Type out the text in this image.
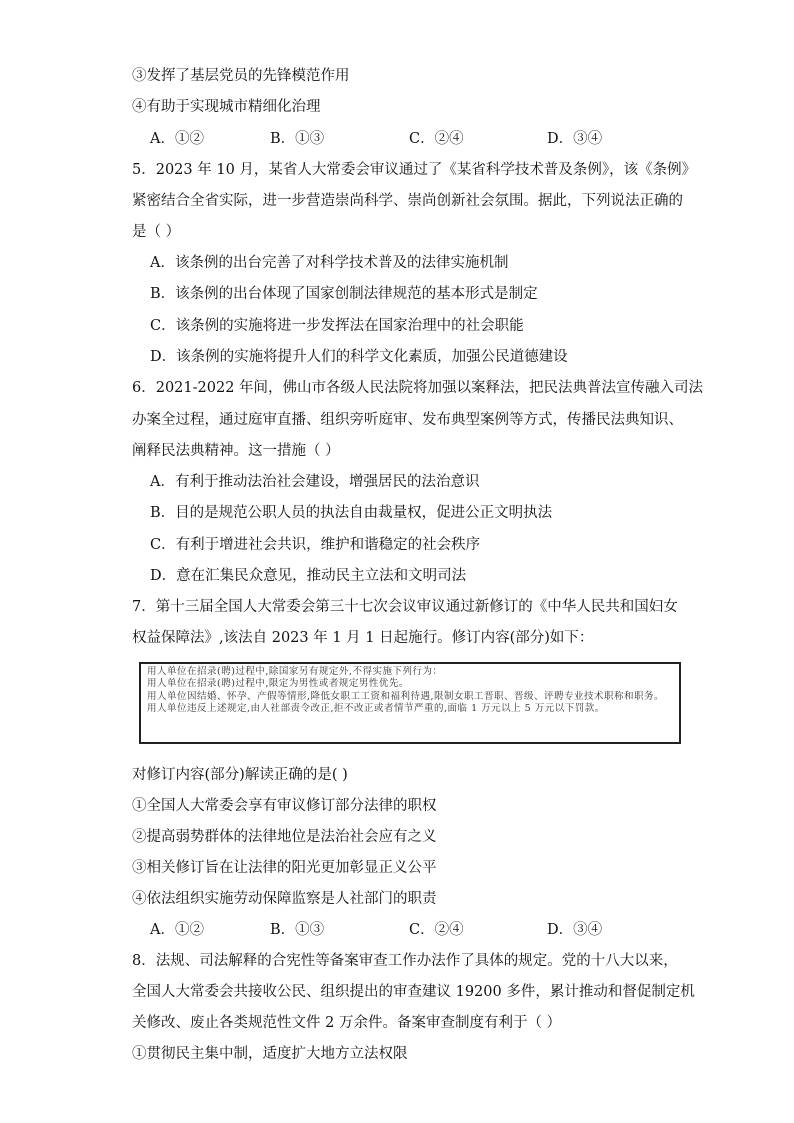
③发挥了基层党员的先锋模范作用
④有助于实现城市精细化治理
A．①②	B．①③	C．②④	D．③④
5．2023 年 10 月，某省人大常委会审议通过了《某省科学技术普及条例》，该《条例》
紧密结合全省实际，进一步营造崇尚科学、崇尚创新社会氛围。据此，下列说法正确的
是（ ）
A．该条例的出台完善了对科学技术普及的法律实施机制
B．该条例的出台体现了国家创制法律规范的基本形式是制定
C．该条例的实施将进一步发挥法在国家治理中的社会职能
D．该条例的实施将提升人们的科学文化素质，加强公民道德建设
6．2021-2022 年间，佛山市各级人民法院将加强以案释法，把民法典普法宣传融入司法
办案全过程，通过庭审直播、组织旁听庭审、发布典型案例等方式，传播民法典知识、
阐释民法典精神。这一措施（ ）
A．有利于推动法治社会建设，增强居民的法治意识
B．目的是规范公职人员的执法自由裁量权，促进公正文明执法
C．有利于增进社会共识，维护和谐稳定的社会秩序
D．意在汇集民众意见，推动民主立法和文明司法
7．第十三届全国人大常委会第三十七次会议审议通过新修订的《中华人民共和国妇女
权益保障法》,该法自 2023 年 1 月 1 日起施行。修订内容(部分)如下：

用人单位在招录(聘)过程中,除国家另有规定外,不得实施下列行为：

用人单位在招录(聘)过程中,限定为男性或者规定男性优先。

用人单位因结婚、怀孕、产假等情形,降低女职工工资和福利待遇,限制女职工晋职、晋级、评聘专业技术职称和职务。

用人单位违反上述规定,由人社部责令改正,拒不改正或者情节严重的,面临 1 万元以上 5 万元以下罚款。

对修订内容(部分)解读正确的是( )
①全国人大常委会享有审议修订部分法律的职权
②提高弱势群体的法律地位是法治社会应有之义
③相关修订旨在让法律的阳光更加彰显正义公平
④依法组织实施劳动保障监察是人社部门的职责
A．①②	B．①③	C．②④	D．③④
8．法规、司法解释的合宪性等备案审查工作办法作了具体的规定。党的十八大以来，
全国人大常委会共接收公民、组织提出的审查建议 19200 多件，累计推动和督促制定机
关修改、废止各类规范性文件 2 万余件。备案审查制度有利于（ ）
①贯彻民主集中制，适度扩大地方立法权限
